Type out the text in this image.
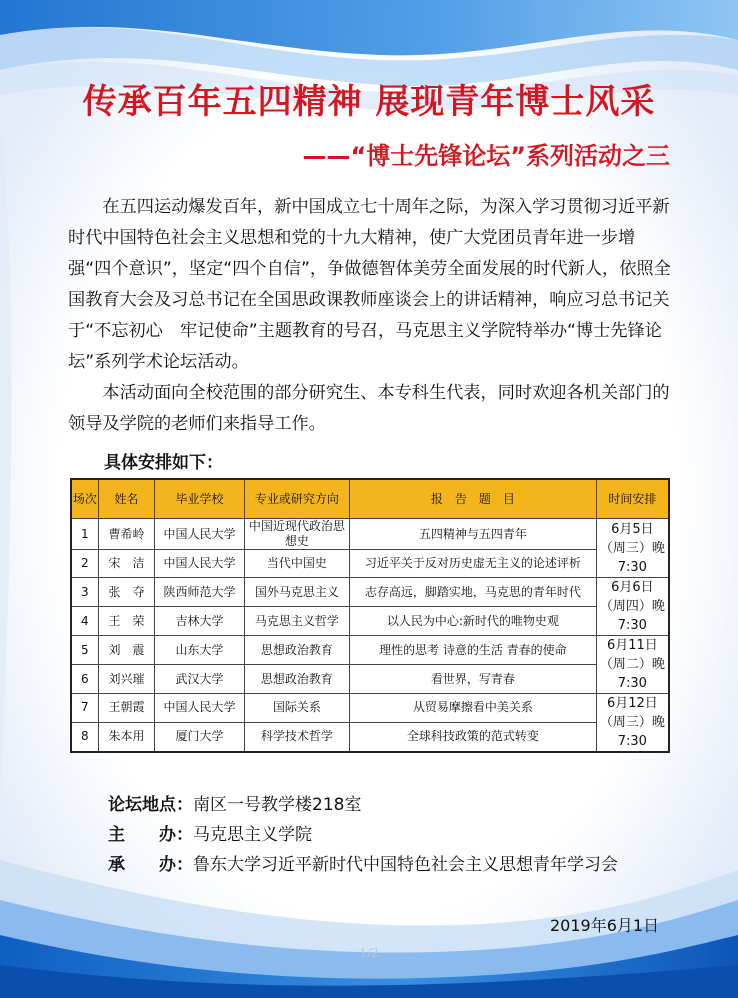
传承百年五四精神 展现青年博士风采
——“博士先锋论坛”系列活动之三

在五四运动爆发百年，新中国成立七十周年之际，为深入学习贯彻习近平新时代中国特色社会主义思想和党的十九大精神，使广大党团员青年进一步增强“四个意识”，坚定“四个自信”，争做德智体美劳全面发展的时代新人，依照全国教育大会及习总书记在全国思政课教师座谈会上的讲话精神，响应习总书记关于“不忘初心　牢记使命”主题教育的号召，马克思主义学院特举办“博士先锋论坛”系列学术论坛活动。

本活动面向全校范围的部分研究生、本专科生代表，同时欢迎各机关部门的领导及学院的老师们来指导工作。

具体安排如下：
场次	姓名	毕业学校	专业或研究方向	报　告　题　目	时间安排
1	曹希岭	中国人民大学	中国近现代政治思想史	五四精神与五四青年	6月5日（周三）晚 7:30
2	宋　洁	中国人民大学	当代中国史	习近平关于反对历史虚无主义的论述评析	
3	张　夺	陕西师范大学	国外马克思主义	志存高远，脚踏实地，马克思的青年时代	6月6日（周四）晚7:30
4	王　荣	吉林大学	马克思主义哲学	以人民为中心:新时代的唯物史观	
5	刘　震	山东大学	思想政治教育	理性的思考 诗意的生活 青春的使命	6月11日（周二）晚7:30
6	刘兴璀	武汉大学	思想政治教育	看世界，写青春	
7	王朝霞	中国人民大学	国际关系	从贸易摩擦看中美关系	6月12日（周三）晚7:30
8	朱本用	厦门大学	科学技术哲学	全球科技政策的范式转变	
论坛地点：南区一号教学楼218室
主　　办：马克思主义学院
承　　办：鲁东大学习近平新时代中国特色社会主义思想青年学习会
2019年6月1日
1/2
